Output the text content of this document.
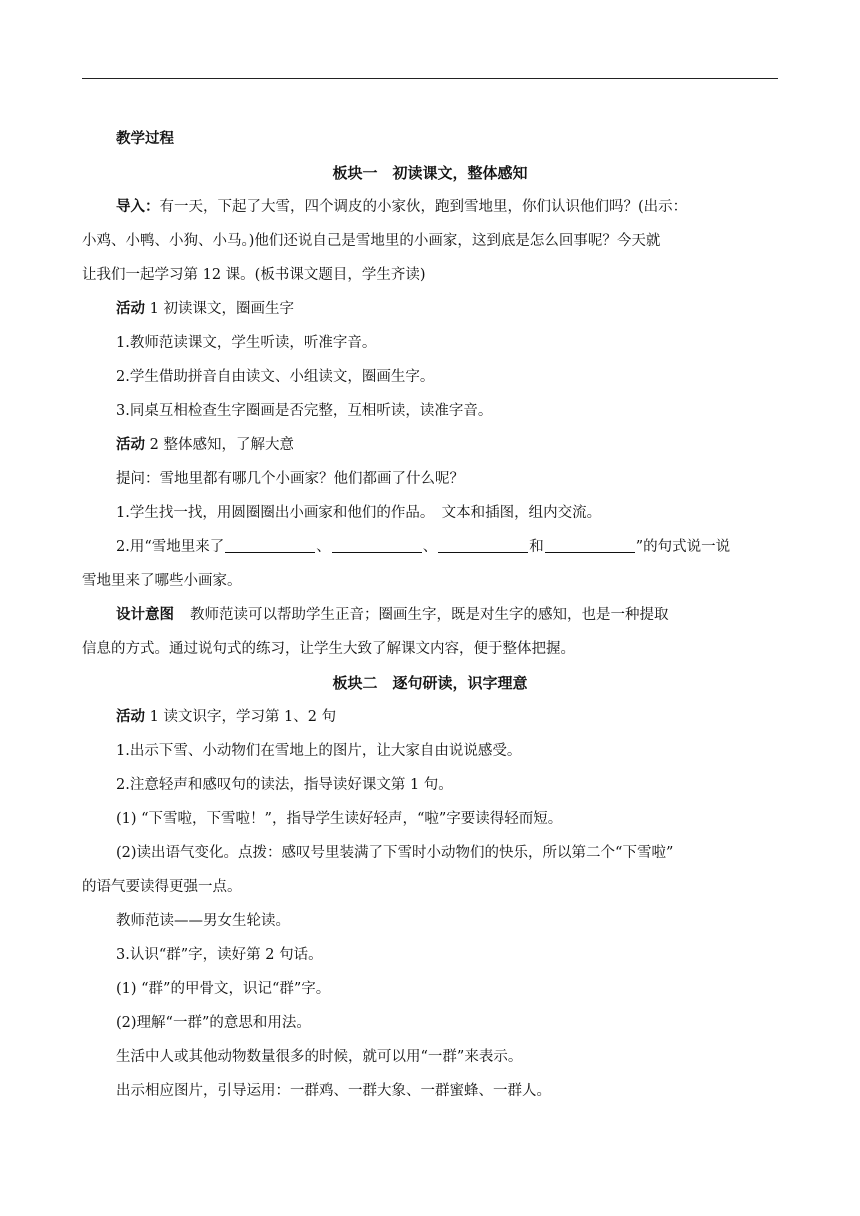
教学过程
板块一　初读课文，整体感知
导入：有一天，下起了大雪，四个调皮的小家伙，跑到雪地里，你们认识他们吗？(出示：
小鸡、小鸭、小狗、小马。)他们还说自己是雪地里的小画家，这到底是怎么回事呢？今天就
让我们一起学习第 12 课。(板书课文题目，学生齐读)
活动 1 初读课文，圈画生字
1.教师范读课文，学生听读，听准字音。
2.学生借助拼音自由读文、小组读文，圈画生字。
3.同桌互相检查生字圈画是否完整，互相听读，读准字音。
活动 2 整体感知，了解大意
提问：雪地里都有哪几个小画家？他们都画了什么呢？
1.学生找一找，用圆圈圈出小画家和他们的作品。　文本和插图，组内交流。
2.用“雪地里来了	、	、	和	”的句式说一说
雪地里来了哪些小画家。
设计意图 教师范读可以帮助学生正音；圈画生字，既是对生字的感知，也是一种提取
信息的方式。通过说句式的练习，让学生大致了解课文内容，便于整体把握。
板块二　逐句研读，识字理意
活动 1 读文识字，学习第 1、2 句
1.出示下雪、小动物们在雪地上的图片，让大家自由说说感受。
2.注意轻声和感叹句的读法，指导读好课文第 1 句。
(1) “下雪啦，下雪啦！”，指导学生读好轻声，“啦”字要读得轻而短。
(2)读出语气变化。点拨：感叹号里装满了下雪时小动物们的快乐，所以第二个“下雪啦”
的语气要读得更强一点。
教师范读——男女生轮读。
3.认识“群”字，读好第 2 句话。
(1) “群”的甲骨文，识记“群”字。
(2)理解“一群”的意思和用法。
生活中人或其他动物数量很多的时候，就可以用“一群”来表示。
出示相应图片，引导运用：一群鸡、一群大象、一群蜜蜂、一群人。
